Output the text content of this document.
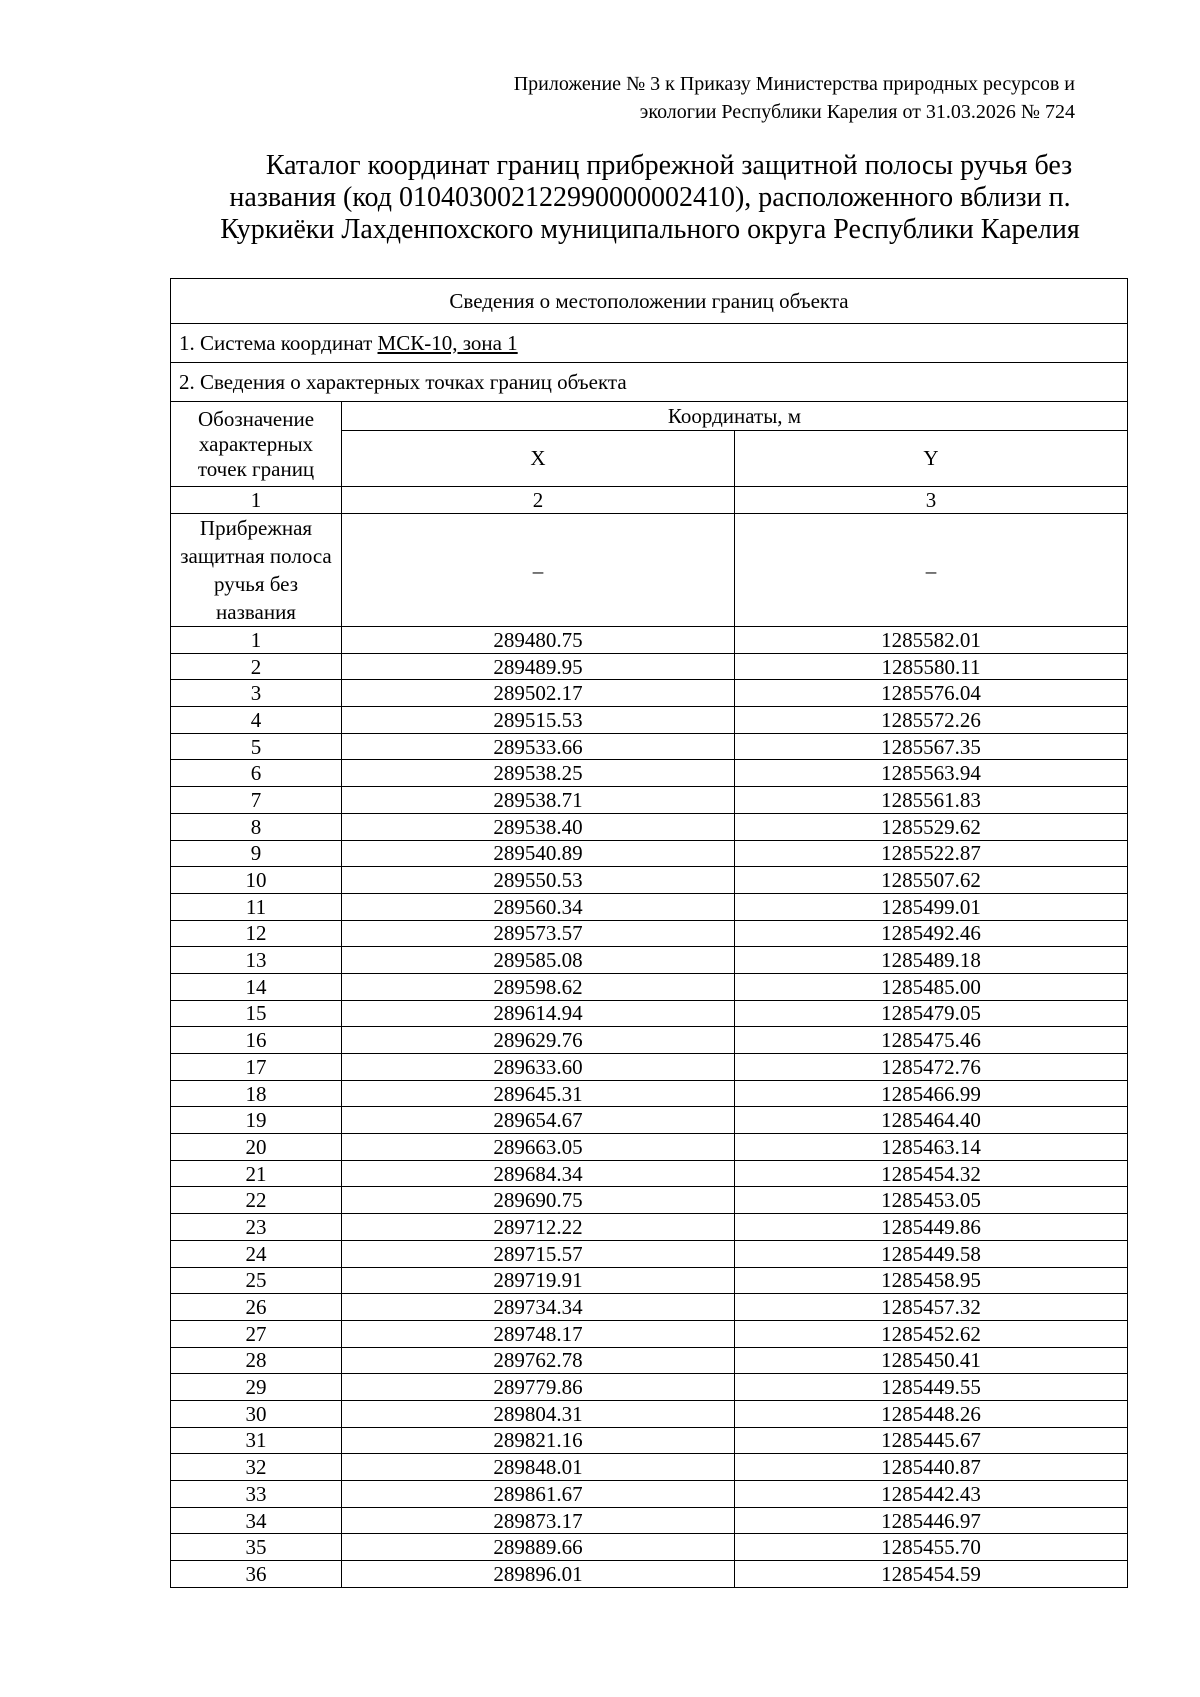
Приложение № 3 к Приказу Министерства природных ресурсов и
экологии Республики Карелия от 31.03.2026 № 724
Каталог координат границ прибрежной защитной полосы ручья без
названия (код 010403002122990000002410), расположенного вблизи п.
Куркиёки Лахденпохского муниципального округа Республики Карелия
Сведения о местоположении границ объекта		
1. Система координат МСК-10, зона 1		
2. Сведения о характерных точках границ объекта		
Обозначение характерных точек границ	Координаты, м	
	X	Y
1	2	3
Прибрежная защитная полоса ручья без названия	–	–

1	289480.75	1285582.01
2	289489.95	1285580.11
3	289502.17	1285576.04
4	289515.53	1285572.26
5	289533.66	1285567.35
6	289538.25	1285563.94
7	289538.71	1285561.83
8	289538.40	1285529.62
9	289540.89	1285522.87
10	289550.53	1285507.62
11	289560.34	1285499.01
12	289573.57	1285492.46
13	289585.08	1285489.18
14	289598.62	1285485.00
15	289614.94	1285479.05
16	289629.76	1285475.46
17	289633.60	1285472.76
18	289645.31	1285466.99
19	289654.67	1285464.40
20	289663.05	1285463.14
21	289684.34	1285454.32
22	289690.75	1285453.05
23	289712.22	1285449.86
24	289715.57	1285449.58
25	289719.91	1285458.95
26	289734.34	1285457.32
27	289748.17	1285452.62
28	289762.78	1285450.41
29	289779.86	1285449.55
30	289804.31	1285448.26
31	289821.16	1285445.67
32	289848.01	1285440.87
33	289861.67	1285442.43
34	289873.17	1285446.97
35	289889.66	1285455.70
36	289896.01	1285454.59
